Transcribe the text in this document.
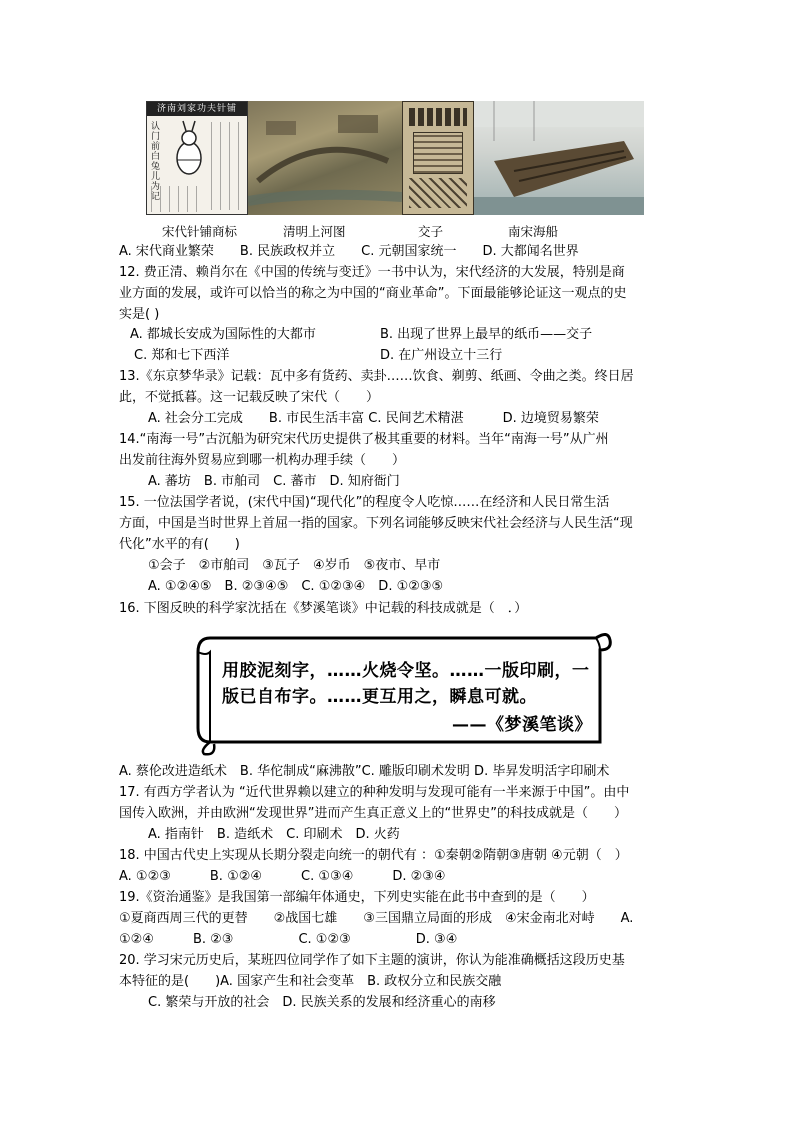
济南刘家功夫针铺
认门前白兔儿为记
宋代针铺商标	清明上河图	交子	南宋海船
A. 宋代商业繁荣　　B. 民族政权并立　　C. 元朝国家统一　　D. 大都闻名世界
12. 费正清、赖肖尔在《中国的传统与变迁》一书中认为，宋代经济的大发展，特别是商
业方面的发展，或许可以恰当的称之为中国的“商业革命”。下面最能够论证这一观点的史
实是( )
A. 都城长安成为国际性的大都市	B. 出现了世界上最早的纸币——交子
C. 郑和七下西洋	D. 在广州设立十三行
13.《东京梦华录》记载：瓦中多有货药、卖卦……饮食、剃剪、纸画、令曲之类。终日居
此，不觉抵暮。这一记载反映了宋代（　　）
A. 社会分工完成　　B. 市民生活丰富 C. 民间艺术精湛　　　D. 边境贸易繁荣
14.“南海一号”古沉船为研究宋代历史提供了极其重要的材料。当年“南海一号”从广州
出发前往海外贸易应到哪一机构办理手续（　　）
A. 蕃坊　B. 市舶司　C. 蕃市　D. 知府衙门
15. 一位法国学者说，(宋代中国)“现代化”的程度令人吃惊……在经济和人民日常生活
方面，中国是当时世界上首屈一指的国家。下列名词能够反映宋代社会经济与人民生活“现
代化”水平的有(　　)
①会子　②市舶司　③瓦子　④岁币　⑤夜市、早市
A. ①②④⑤　B. ②③④⑤　C. ①②③④　D. ①②③⑤
16. 下图反映的科学家沈括在《梦溪笔谈》中记载的科技成就是（　．）
用胶泥刻字，……火烧令坚。……一版印刷，一
版已自布字。……更互用之，瞬息可就。
——《梦溪笔谈》
A. 蔡伦改进造纸术　B. 华佗制成“麻沸散”C. 雕版印刷术发明 D. 毕昇发明活字印刷术
17. 有西方学者认为 “近代世界赖以建立的种种发明与发现可能有一半来源于中国”。由中
国传入欧洲，并由欧洲“发现世界”进而产生真正意义上的“世界史”的科技成就是（　　）
A. 指南针　B. 造纸术　C. 印刷术　D. 火药
18. 中国古代史上实现从长期分裂走向统一的朝代有 ：①秦朝②隋朝③唐朝 ④元朝（　）
A. ①②③　　　B. ①②④　　　C. ①③④　　　D. ②③④
19.《资治通鉴》是我国第一部编年体通史，下列史实能在此书中查到的是（　　）
①夏商西周三代的更替　　②战国七雄　　③三国鼎立局面的形成　④宋金南北对峙　　A.
①②④　　　B. ②③　　　　　C. ①②③　　　　　D. ③④
20. 学习宋元历史后，某班四位同学作了如下主题的演讲，你认为能准确概括这段历史基
本特征的是(　　)A. 国家产生和社会变革　B. 政权分立和民族交融
C. 繁荣与开放的社会　D. 民族关系的发展和经济重心的南移
